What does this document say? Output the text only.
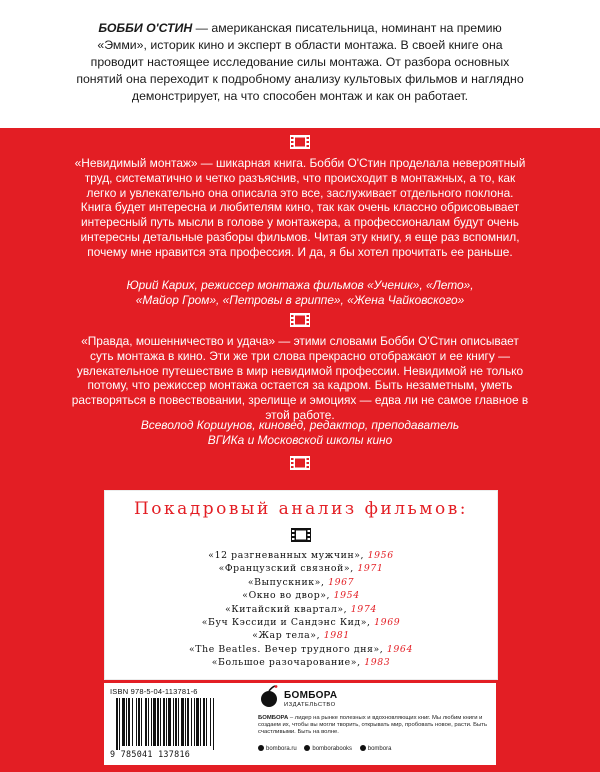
БОББИ О'СТИН — американская писательница, номинант на премию «Эмми», историк кино и эксперт в области монтажа. В своей книге она проводит настоящее исследование силы монтажа. От разбора основных понятий она переходит к подробному анализу культовых фильмов и наглядно демонстрирует, на что способен монтаж и как он работает.

«Невидимый монтаж» — шикарная книга. Бобби О'Стин проделала невероятный труд, систематично и четко разъяснив, что происходит в монтажных, а то, как легко и увлекательно она описала это все, заслуживает отдельного поклона. Книга будет интересна и любителям кино, так как очень классно обрисовывает интересный путь мысли в голове у монтажера, а профессионалам будут очень интересны детальные разборы фильмов. Читая эту книгу, я еще раз вспомнил, почему мне нравится эта профессия. И да, я бы хотел прочитать ее раньше.

Юрий Карих, режиссер монтажа фильмов «Ученик», «Лето»,

«Майор Гром», «Петровы в гриппе», «Жена Чайковского»

«Правда, мошенничество и удача» — этими словами Бобби О'Стин описывает суть монтажа в кино. Эти же три слова прекрасно отображают и ее книгу — увлекательное путешествие в мир невидимой профессии. Невидимой не только потому, что режиссер монтажа остается за кадром. Быть незаметным, уметь растворяться в повествовании, зрелище и эмоциях — едва ли не самое главное в этой работе.

Всеволод Коршунов, киновед, редактор, преподаватель

ВГИКа и Московской школы кино

Покадровый анализ фильмов:

«12 разгневанных мужчин», 1956
«Французский связной», 1971
«Выпускник», 1967
«Окно во двор», 1954
«Китайский квартал», 1974
«Буч Кэссиди и Сандэнс Кид», 1969
«Жар тела», 1981
«The Beatles. Вечер трудного дня», 1964
«Большое разочарование», 1983
ISBN 978-5-04-113781-6
9 785041 137816
БОМБОРА
ИЗДАТЕЛЬСТВО

БОМБОРА – лидер на рынке полезных и вдохновляющих книг. Мы любим книги и создаем их, чтобы вы могли творить, открывать мир, пробовать новое, расти. Быть счастливыми. Быть на волне.

bombora.ru	bomborabooks	bombora
